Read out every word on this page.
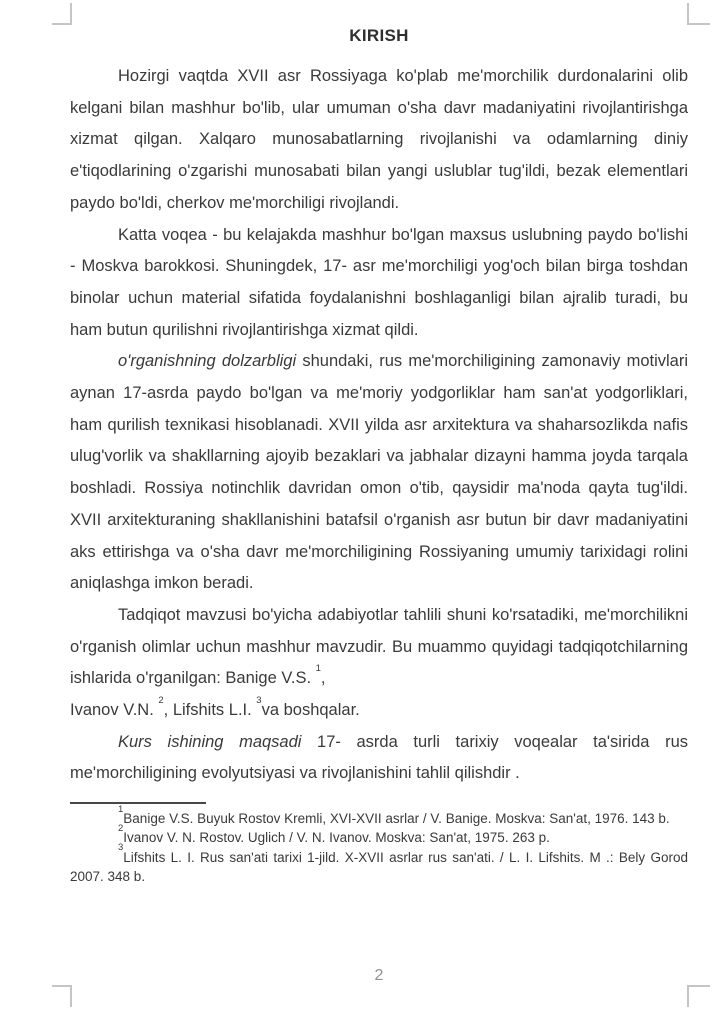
KIRISH

Hozirgi vaqtda XVII asr Rossiyaga ko'plab me'morchilik durdonalarini olib kelgani bilan mashhur bo'lib, ular umuman o'sha davr madaniyatini rivojlantirishga xizmat qilgan. Xalqaro munosabatlarning rivojlanishi va odamlarning diniy e'tiqodlarining o'zgarishi munosabati bilan yangi uslublar tug'ildi, bezak elementlari paydo bo'ldi, cherkov me'morchiligi rivojlandi.

Katta voqea - bu kelajakda mashhur bo'lgan maxsus uslubning paydo bo'lishi - Moskva barokkosi. Shuningdek, 17- asr me'morchiligi yog'och bilan birga toshdan binolar uchun material sifatida foydalanishni boshlaganligi bilan ajralib turadi, bu ham butun qurilishni rivojlantirishga xizmat qildi.

o'rganishning dolzarbligi shundaki, rus me'morchiligining zamonaviy motivlari aynan 17-asrda paydo bo'lgan va me'moriy yodgorliklar ham san'at yodgorliklari, ham qurilish texnikasi hisoblanadi. XVII yilda asr arxitektura va shaharsozlikda nafis ulug'vorlik va shakllarning ajoyib bezaklari va jabhalar dizayni hamma joyda tarqala boshladi. Rossiya notinchlik davridan omon o'tib, qaysidir ma'noda qayta tug'ildi. XVII arxitekturaning shakllanishini batafsil o'rganish asr butun bir davr madaniyatini aks ettirishga va o'sha davr me'morchiligining Rossiyaning umumiy tarixidagi rolini aniqlashga imkon beradi.

Tadqiqot mavzusi bo'yicha adabiyotlar tahlili shuni ko'rsatadiki, me'morchilikni o'rganish olimlar uchun mashhur mavzudir. Bu muammo quyidagi tadqiqotchilarning ishlarida o'rganilgan: Banige V.S. $^1$,
Ivanov V.N. $^2$, Lifshits L.I. $^3$va boshqalar.

Kurs ishining maqsadi 17- asrda turli tarixiy voqealar ta'sirida rus me'morchiligining evolyutsiyasi va rivojlanishini tahlil qilishdir .

$^1$Banige V.S. Buyuk Rostov Kremli, XVI-XVII asrlar / V. Banige. Moskva: San'at, 1976. 143 b.

$^2$Ivanov V. N. Rostov. Uglich / V. N. Ivanov. Moskva: San'at, 1975. 263 p.

$^3$Lifshits L. I. Rus san'ati tarixi 1-jild. X-XVII asrlar rus san'ati. / L. I. Lifshits. M .: Bely Gorod 2007. 348 b.

2
